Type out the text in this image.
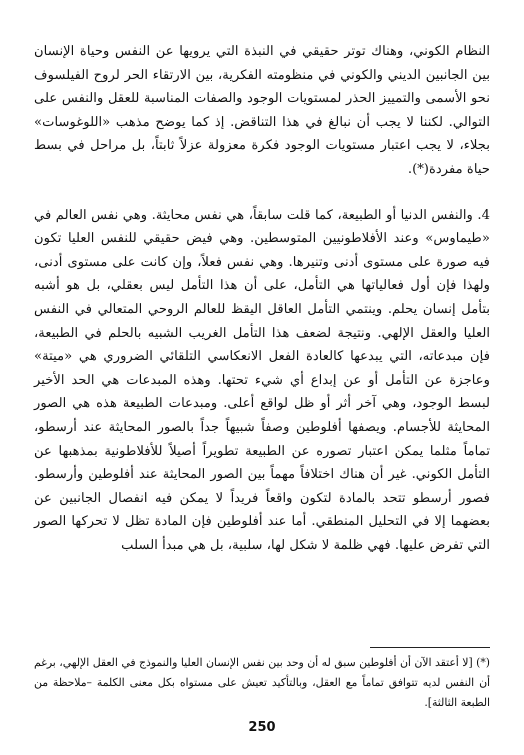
النظام الكوني، وهناك توتر حقيقي في النبذة التي يرويها عن النفس وحياة الإنسان بين الجانبين الديني والكوني في منظومته الفكرية، بين الارتقاء الحر لروح الفيلسوف نحو الأسمى والتمييز الحذر لمستويات الوجود والصفات المناسبة للعقل والنفس على التوالي. لكننا لا يجب أن نبالغ في هذا التناقض. إذ كما يوضح مذهب «اللوغوسات» بجلاء، لا يجب اعتبار مستويات الوجود فكرة معزولة عزلاً ثابتاً، بل مراحل في بسط حياة مفردة(*).

4. والنفس الدنيا أو الطبيعة، كما قلت سابقاً، هي نفس محايثة. وهي نفس العالم في «طيماوس» وعند الأفلاطونيين المتوسطين. وهي فيض حقيقي للنفس العليا تكون فيه صورة على مستوى أدنى وتنيرها. وهي نفس فعلاً، وإن كانت على مستوى أدنى، ولهذا فإن أول فعالياتها هي التأمل، على أن هذا التأمل ليس بعقلي، بل هو أشبه بتأمل إنسان يحلم. وينتمي التأمل العاقل اليقظ للعالم الروحي المتعالي في النفس العليا والعقل الإلهي. ونتيجة لضعف هذا التأمل الغريب الشبيه بالحلم في الطبيعة، فإن مبدعاته، التي يبدعها كالعادة الفعل الانعكاسي التلقائي الضروري هي «ميتة» وعاجزة عن التأمل أو عن إبداع أي شيء تحتها. وهذه المبدعات هي الحد الأخير لبسط الوجود، وهي آخر أثر أو ظل لواقع أعلى. ومبدعات الطبيعة هذه هي الصور المحايثة للأجسام. ويصفها أفلوطين وصفاً شبيهاً جداً بالصور المحايثة عند أرسطو، تماماً مثلما يمكن اعتبار تصوره عن الطبيعة تطويراً أصيلاً للأفلاطونية بمذهبها عن التأمل الكوني. غير أن هناك اختلافاً مهماً بين الصور المحايثة عند أفلوطين وأرسطو. فصور أرسطو تتحد بالمادة لتكون واقعاً فريداً لا يمكن فيه انفصال الجانبين عن بعضهما إلا في التحليل المنطقي. أما عند أفلوطين فإن المادة تظل لا تحركها الصور التي تفرض عليها. فهي ظلمة لا شكل لها، سلبية، بل هي مبدأ السلب

(*) [لا أعتقد الآن أن أفلوطين سبق له أن وحد بين نفس الإنسان العليا والنموذج في العقل الإلهي، برغم أن النفس لديه تتوافق تماماً مع العقل، وبالتأكيد تعيش على مستواه بكل معنى الكلمة –ملاحظة من الطبعة الثالثة].

250
